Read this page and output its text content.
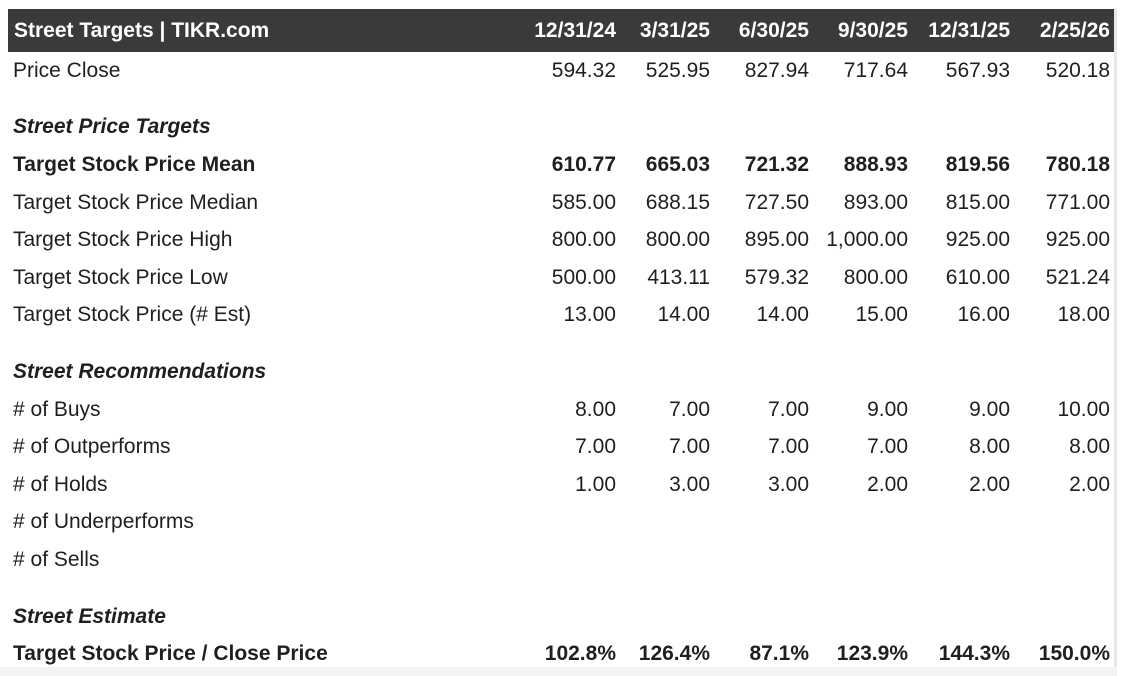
Street Targets | TIKR.com	12/31/24	3/31/25	6/30/25	9/30/25	12/31/25	2/25/26
Price Close	594.32	525.95	827.94	717.64	567.93	520.18

Street Price Targets						
Target Stock Price Mean	610.77	665.03	721.32	888.93	819.56	780.18
Target Stock Price Median	585.00	688.15	727.50	893.00	815.00	771.00
Target Stock Price High	800.00	800.00	895.00	1,000.00	925.00	925.00
Target Stock Price Low	500.00	413.11	579.32	800.00	610.00	521.24
Target Stock Price (# Est)	13.00	14.00	14.00	15.00	16.00	18.00

Street Recommendations						
# of Buys	8.00	7.00	7.00	9.00	9.00	10.00
# of Outperforms	7.00	7.00	7.00	7.00	8.00	8.00
# of Holds	1.00	3.00	3.00	2.00	2.00	2.00
# of Underperforms						
# of Sells						

Street Estimate						
Target Stock Price / Close Price	102.8%	126.4%	87.1%	123.9%	144.3%	150.0%
